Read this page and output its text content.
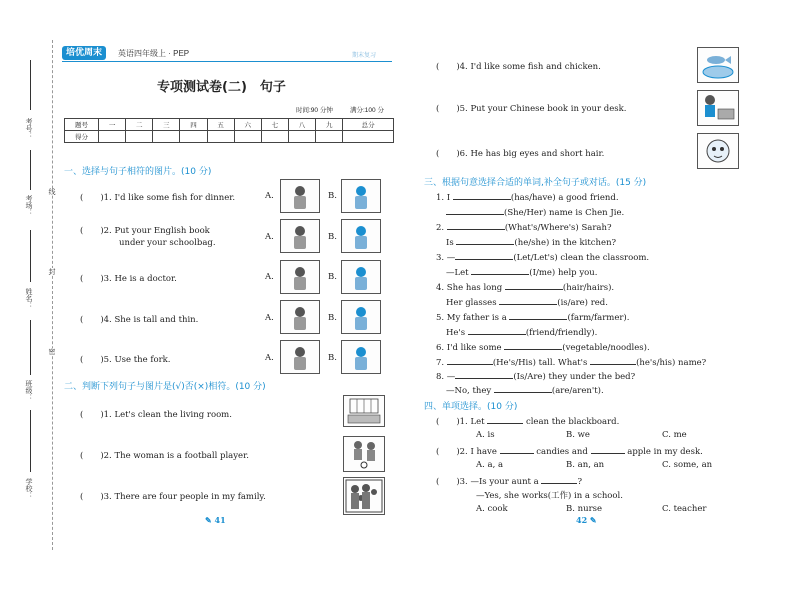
考号：
考场：
姓名：
班级：
学校：
线
封
密
培优周末	英语四年级上 · PEP	期末复习
专项测试卷(二)　句子
时间:90 分钟	满分:100 分
题号	一	二	三	四	五	六	七	八	九	总分
得分										
一、选择与句子相符的图片。(10 分)
(　　)1. I'd like some fish for dinner.	A.	B.
(　　)2. Put your English book
under your schoolbag.
A.	B.
(　　)3. He is a doctor.	A.	B.
(　　)4. She is tall and thin.	A.	B.
(　　)5. Use the fork.	A.	B.
二、判断下列句子与图片是(√)否(×)相符。(10 分)
(　　)1. Let's clean the living room.
(　　)2. The woman is a football player.
(　　)3. There are four people in my family.
✎ 41	42 ✎
(　　)4. I'd like some fish and chicken.
(　　)5. Put your Chinese book in your desk.
(　　)6. He has big eyes and short hair.
三、根据句意选择合适的单词,补全句子或对话。(15 分)
1. I	(has/have) a good friend.
(She/Her) name is Chen Jie.
2.	(What's/Where's) Sarah?
Is	(he/she) in the kitchen?
3. —	(Let/Let's) clean the classroom.
—Let	(I/me) help you.
4. She has long	(hair/hairs).
Her glasses	(is/are) red.
5. My father is a	(farm/farmer).
He's	(friend/friendly).
6. I'd like some	(vegetable/noodles).
7.	(He's/His) tall. What's	(he's/his) name?
8. —	(Is/Are) they under the bed?
—No, they	(are/aren't).
四、单项选择。(10 分)
(　　)1. Let	clean the blackboard.
A. is	B. we	C. me
(　　)2. I have	candies and	apple in my desk.
A. a, a	B. an, an	C. some, an
(　　)3. —Is your aunt a	?
—Yes, she works(工作) in a school.
A. cook	B. nurse	C. teacher
